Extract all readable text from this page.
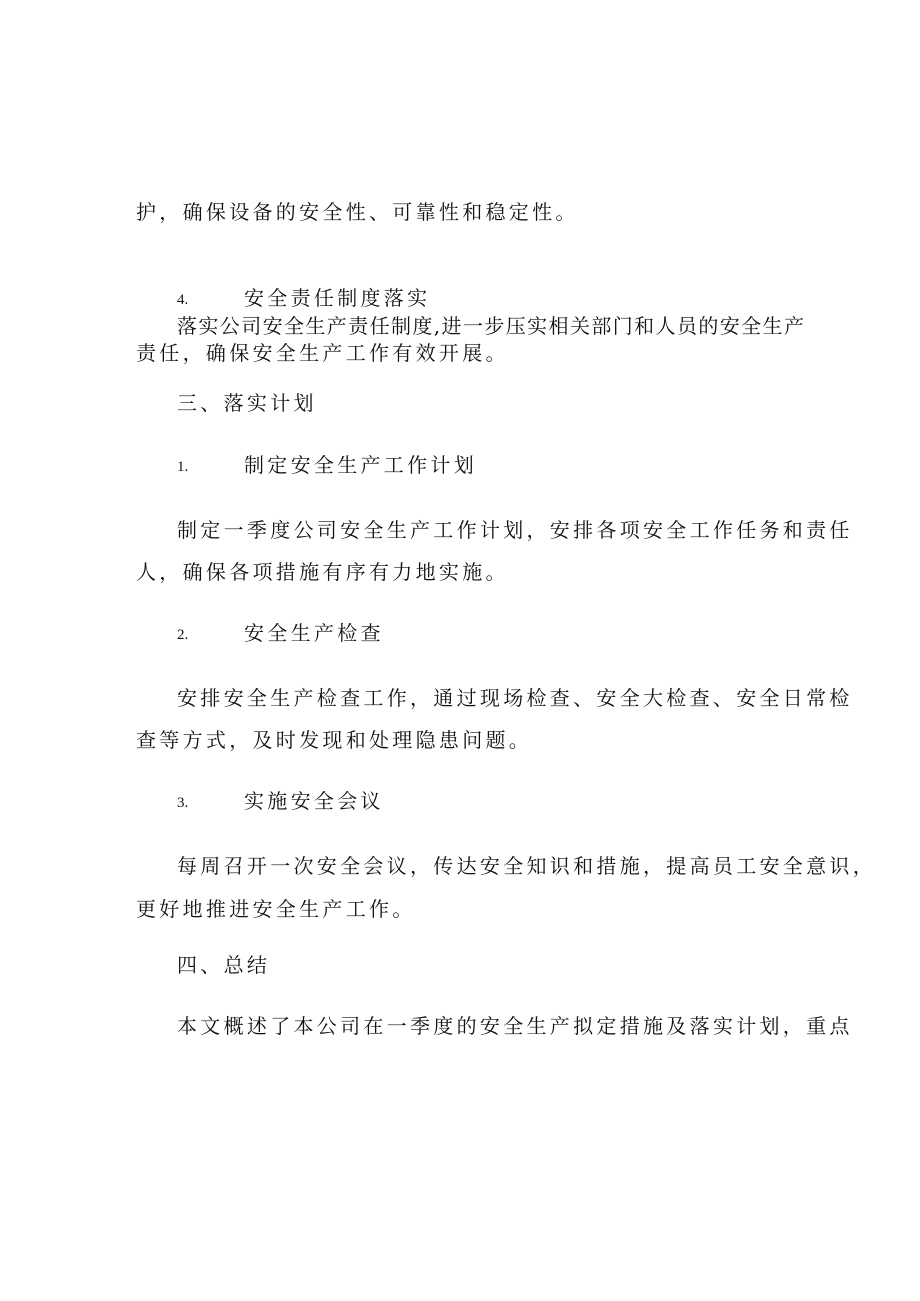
护，确保设备的安全性、可靠性和稳定性。
4.	安全责任制度落实
落实公司安全生产责任制度,进一步压实相关部门和人员的安全生产
责任，确保安全生产工作有效开展。
三、落实计划
1.	制定安全生产工作计划
制定一季度公司安全生产工作计划，安排各项安全工作任务和责任
人，确保各项措施有序有力地实施。
2.	安全生产检查
安排安全生产检查工作，通过现场检查、安全大检查、安全日常检
查等方式，及时发现和处理隐患问题。
3.	实施安全会议
每周召开一次安全会议，传达安全知识和措施，提高员工安全意识，
更好地推进安全生产工作。
四、总结
本文概述了本公司在一季度的安全生产拟定措施及落实计划，重点
